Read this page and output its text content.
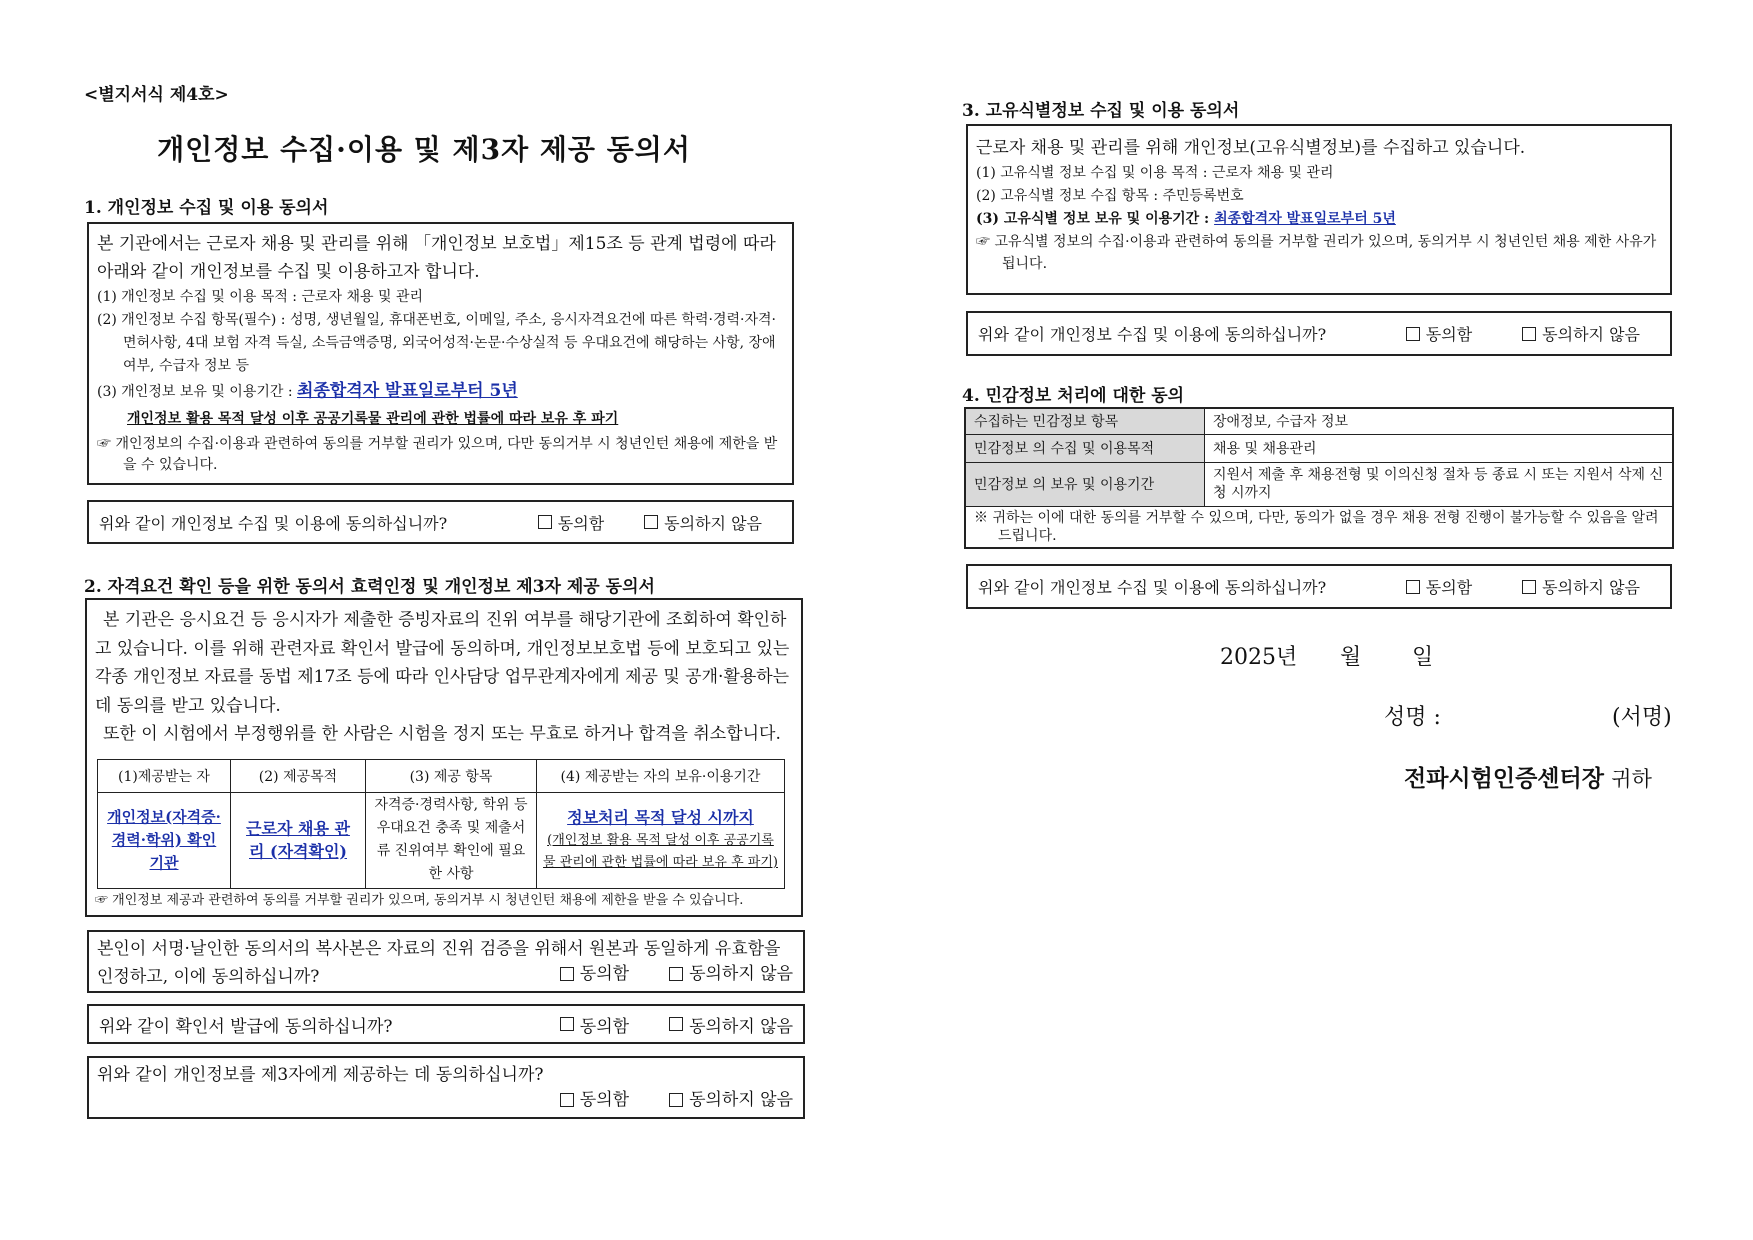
<별지서식 제4호>
개인정보 수집·이용 및 제3자 제공 동의서
1. 개인정보 수집 및 이용 동의서

본 기관에서는 근로자 채용 및 관리를 위해 「개인정보 보호법」제15조 등 관계 법령에 따라 아래와 같이 개인정보를 수집 및 이용하고자 합니다.

(1) 개인정보 수집 및 이용 목적 : 근로자 채용 및 관리

(2) 개인정보 수집 항목(필수) : 성명, 생년월일, 휴대폰번호, 이메일, 주소, 응시자격요건에 따른 학력·경력·자격·면허사항, 4대 보험 자격 득실, 소득금액증명, 외국어성적·논문·수상실적 등 우대요건에 해당하는 사항, 장애여부, 수급자 정보 등

(3) 개인정보 보유 및 이용기간 : 최종합격자 발표일로부터 5년

개인정보 활용 목적 달성 이후 공공기록물 관리에 관한 법률에 따라 보유 후 파기

☞ 개인정보의 수집·이용과 관련하여 동의를 거부할 권리가 있으며, 다만 동의거부 시 청년인턴 채용에 제한을 받을 수 있습니다.

위와 같이 개인정보 수집 및 이용에 동의하십니까?	동의함	동의하지 않음
2. 자격요건 확인 등을 위한 동의서 효력인정 및 개인정보 제3자 제공 동의서

본 기관은 응시요건 등 응시자가 제출한 증빙자료의 진위 여부를 해당기관에 조회하여 확인하고 있습니다. 이를 위해 관련자료 확인서 발급에 동의하며, 개인정보보호법 등에 보호되고 있는 각종 개인정보 자료를 동법 제17조 등에 따라 인사담당 업무관계자에게 제공 및 공개·활용하는 데 동의를 받고 있습니다.

또한 이 시험에서 부정행위를 한 사람은 시험을 정지 또는 무효로 하거나 합격을 취소합니다.

(1)제공받는 자	(2) 제공목적	(3) 제공 항목	(4) 제공받는 자의 보유·이용기간
개인정보(자격증·경력·학위) 확인기관	근로자 채용 관리 (자격확인)	자격증·경력사항, 학위 등 우대요건 충족 및 제출서류 진위여부 확인에 필요한 사항	정보처리 목적 달성 시까지
(개인정보 활용 목적 달성 이후 공공기록물 관리에 관한 법률에 따라 보유 후 파기)

☞ 개인정보 제공과 관련하여 동의를 거부할 권리가 있으며, 동의거부 시 청년인턴 채용에 제한을 받을 수 있습니다.

본인이 서명·날인한 동의서의 복사본은 자료의 진위 검증을 위해서 원본과 동일하게 유효함을 인정하고, 이에 동의하십니까?	동의함	동의하지 않음
위와 같이 확인서 발급에 동의하십니까?	동의함	동의하지 않음
위와 같이 개인정보를 제3자에게 제공하는 데 동의하십니까?
동의함	동의하지 않음
3. 고유식별정보 수집 및 이용 동의서

근로자 채용 및 관리를 위해 개인정보(고유식별정보)를 수집하고 있습니다.

(1) 고유식별 정보 수집 및 이용 목적 : 근로자 채용 및 관리

(2) 고유식별 정보 수집 항목 : 주민등록번호

(3) 고유식별 정보 보유 및 이용기간 : 최종합격자 발표일로부터 5년

☞ 고유식별 정보의 수집·이용과 관련하여 동의를 거부할 권리가 있으며, 동의거부 시 청년인턴 채용 제한 사유가 됩니다.

위와 같이 개인정보 수집 및 이용에 동의하십니까?	동의함	동의하지 않음
4. 민감정보 처리에 대한 동의
수집하는 민감정보 항목	장애정보, 수급자 정보
민감정보 의 수집 및 이용목적	채용 및 채용관리
민감정보 의 보유 및 이용기간	지원서 제출 후 채용전형 및 이의신청 절차 등 종료 시 또는 지원서 삭제 신청 시까지
※ 귀하는 이에 대한 동의를 거부할 수 있으며, 다만, 동의가 없을 경우 채용 전형 진행이 불가능할 수 있음을 알려드립니다.	
위와 같이 개인정보 수집 및 이용에 동의하십니까?	동의함	동의하지 않음
2025년 월 일
성명 :	(서명)
전파시험인증센터장 귀하
